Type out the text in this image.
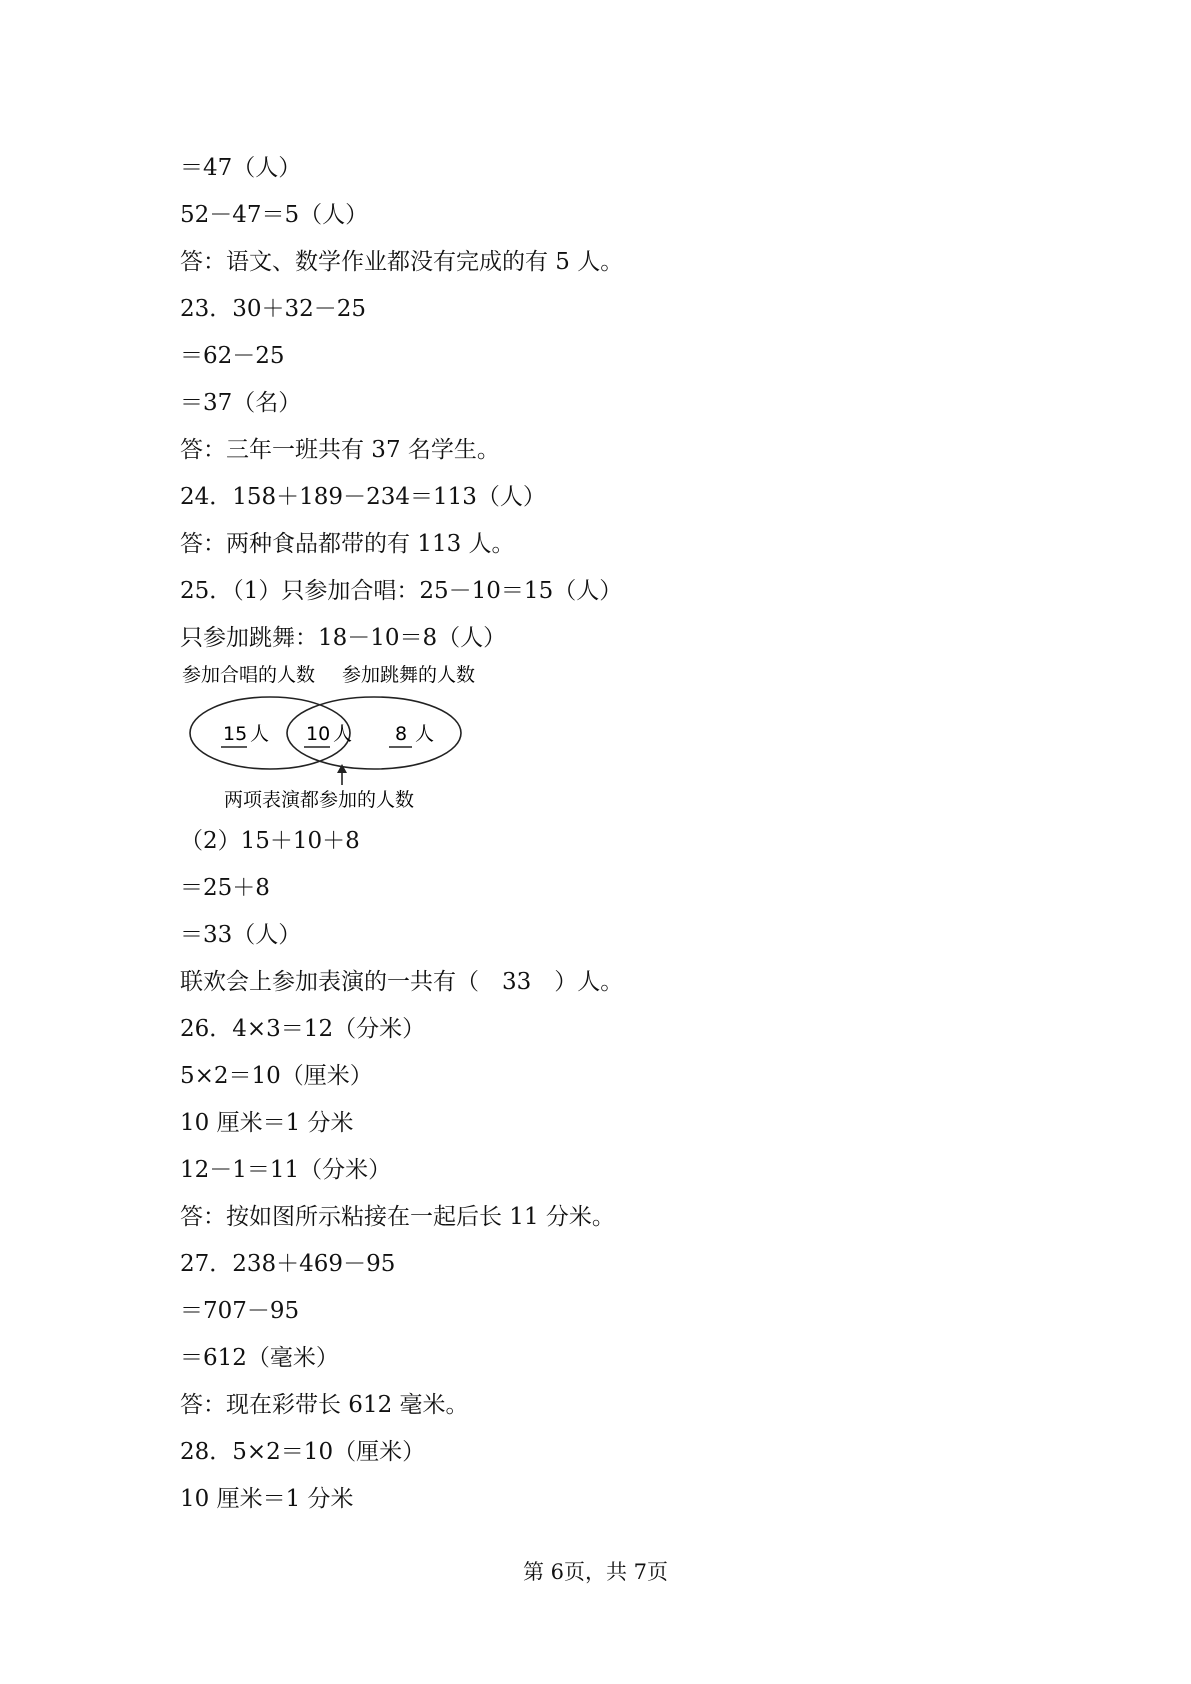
＝47（人）
52－47＝5（人）
答：语文、数学作业都没有完成的有 5 人。
23．30＋32－25
＝62－25
＝37（名）
答：三年一班共有 37 名学生。
24．158＋189－234＝113（人）
答：两种食品都带的有 113 人。
25．（1）只参加合唱：25－10＝15（人）
只参加跳舞：18－10＝8（人）
参加合唱的人数 参加跳舞的人数
15 人 10 人 8 人
两项表演都参加的人数
（2）15＋10＋8
＝25＋8
＝33（人）
联欢会上参加表演的一共有（　33　）人。
26．4×3＝12（分米）
5×2＝10（厘米）
10 厘米＝1 分米
12－1＝11（分米）
答：按如图所示粘接在一起后长 11 分米。
27．238＋469－95
＝707－95
＝612（毫米）
答：现在彩带长 612 毫米。
28．5×2＝10（厘米）
10 厘米＝1 分米
第 6页，共 7页
